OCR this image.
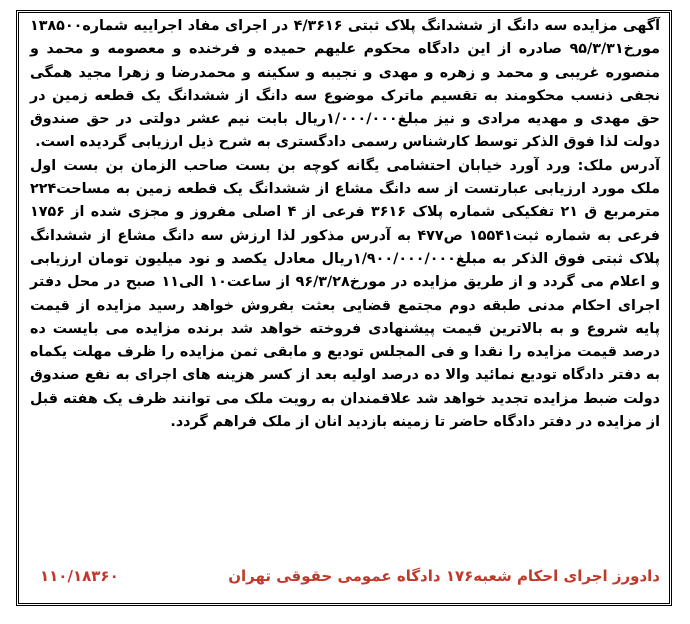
آگهی مزایده سه دانگ از ششدانگ پلاک ثبتی ۴/۳۶۱۶ در اجرای مفاد اجراییه شماره۱۳۸۵۰۰ مورخ۹۵/۳/۳۱ صادره از این دادگاه محکوم علیهم حمیده و فرخنده و معصومه و محمد و منصوره غریبی و محمد و زهره و مهدی و نجیبه و سکینه و محمدرضا و زهرا مجید همگی نجفی ذنسب محکومند به تقسیم ماترک موضوع سه دانگ از ششدانگ یک قطعه زمین در حق مهدی و مهدیه مرادی و نیز مبلغ۱/۰۰۰/۰۰۰ریال بابت نیم عشر دولتی در حق صندوق دولت لذا فوق الذکر توسط کارشناس رسمی دادگستری به شرح ذیل ارزیابی گردیده است.

آدرس ملک: ورد آورد خیابان احتشامی یگانه کوچه بن بست صاحب الزمان بن بست اول ملک مورد ارزیابی عبارتست از سه دانگ مشاع از ششدانگ یک قطعه زمین به مساحت۲۲۴ مترمربع ق ۲۱ تفکیکی شماره پلاک ۳۶۱۶ فرعی از ۴ اصلی مفروز و مجزی شده از ۱۷۵۶ فرعی به شماره ثبت۱۵۵۴۱ ص۴۷۷ به آدرس مذکور لذا ارزش سه دانگ مشاع از ششدانگ پلاک ثبتی فوق الذکر به مبلغ۱/۹۰۰/۰۰۰/۰۰۰ریال معادل یکصد و نود میلیون تومان ارزیابی و اعلام می گردد و از طریق مزایده در مورخ۹۶/۳/۲۸ از ساعت۱۰ الی۱۱ صبح در محل دفتر اجرای احکام مدنی طبقه دوم مجتمع قضایی بعثت بفروش خواهد رسید مزایده از قیمت پایه شروع و به بالاترین قیمت پیشنهادی فروخته خواهد شد برنده مزایده می بایست ده درصد قیمت مزایده را نقدا و فی المجلس تودیع و مابقی ثمن مزایده را ظرف مهلت یکماه به دفتر دادگاه تودیع نمائید والا ده درصد اولیه بعد از کسر هزینه های اجرای به نفع صندوق دولت ضبط مزایده تجدید خواهد شد علاقمندان به رویت ملک می توانند ظرف یک هفته قبل از مزایده در دفتر دادگاه حاضر تا زمینه بازدید انان از ملک فراهم گردد.

دادورز اجرای احکام شعبه۱۷۶ دادگاه عمومی حقوقی تهران
۱۱۰/۱۸۳۶۰
